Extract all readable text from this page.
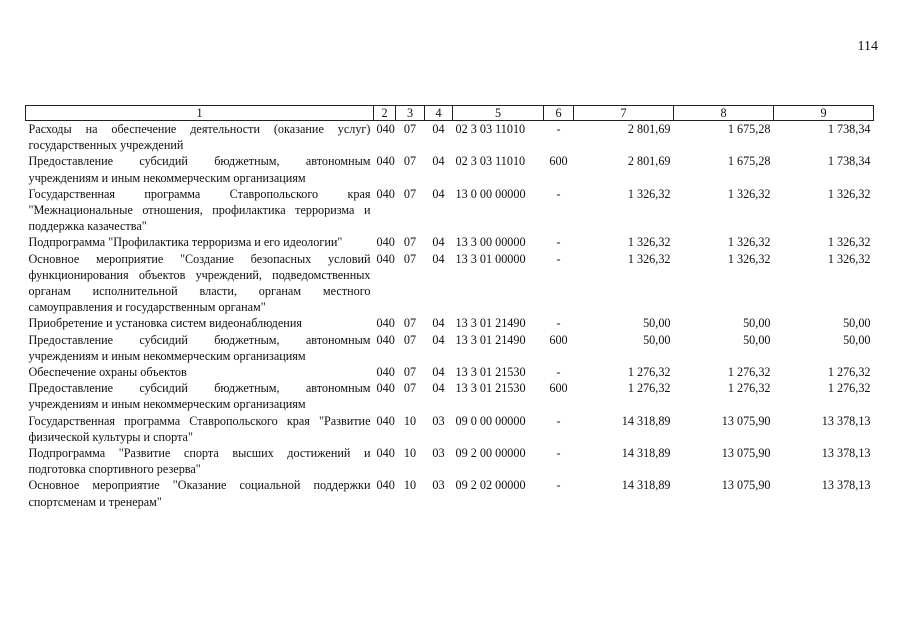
114
1	2	3	4	5	6	7	8	9
Расходы на обеспечение деятельности (оказание услуг) государственных учреждений	040	07	04	02 3 03 11010	-	2 801,69	1 675,28	1 738,34
Предоставление субсидий бюджетным, автономным учреждениям и иным некоммерческим организациям	040	07	04	02 3 03 11010	600	2 801,69	1 675,28	1 738,34
Государственная программа Ставропольского края "Межнациональные отношения, профилактика терроризма и поддержка казачества"	040	07	04	13 0 00 00000	-	1 326,32	1 326,32	1 326,32
Подпрограмма "Профилактика терроризма и его идеологии"	040	07	04	13 3 00 00000	-	1 326,32	1 326,32	1 326,32
Основное мероприятие "Создание безопасных условий функционирования объектов учреждений, подведомственных органам исполнительной власти, органам местного самоуправления и государственным органам"	040	07	04	13 3 01 00000	-	1 326,32	1 326,32	1 326,32
Приобретение и установка систем видеонаблюдения	040	07	04	13 3 01 21490	-	50,00	50,00	50,00
Предоставление субсидий бюджетным, автономным учреждениям и иным некоммерческим организациям	040	07	04	13 3 01 21490	600	50,00	50,00	50,00
Обеспечение охраны объектов	040	07	04	13 3 01 21530	-	1 276,32	1 276,32	1 276,32
Предоставление субсидий бюджетным, автономным учреждениям и иным некоммерческим организациям	040	07	04	13 3 01 21530	600	1 276,32	1 276,32	1 276,32
Государственная программа Ставропольского края "Развитие физической культуры и спорта"	040	10	03	09 0 00 00000	-	14 318,89	13 075,90	13 378,13
Подпрограмма "Развитие спорта высших достижений и подготовка спортивного резерва"	040	10	03	09 2 00 00000	-	14 318,89	13 075,90	13 378,13
Основное мероприятие "Оказание социальной поддержки спортсменам и тренерам"	040	10	03	09 2 02 00000	-	14 318,89	13 075,90	13 378,13
